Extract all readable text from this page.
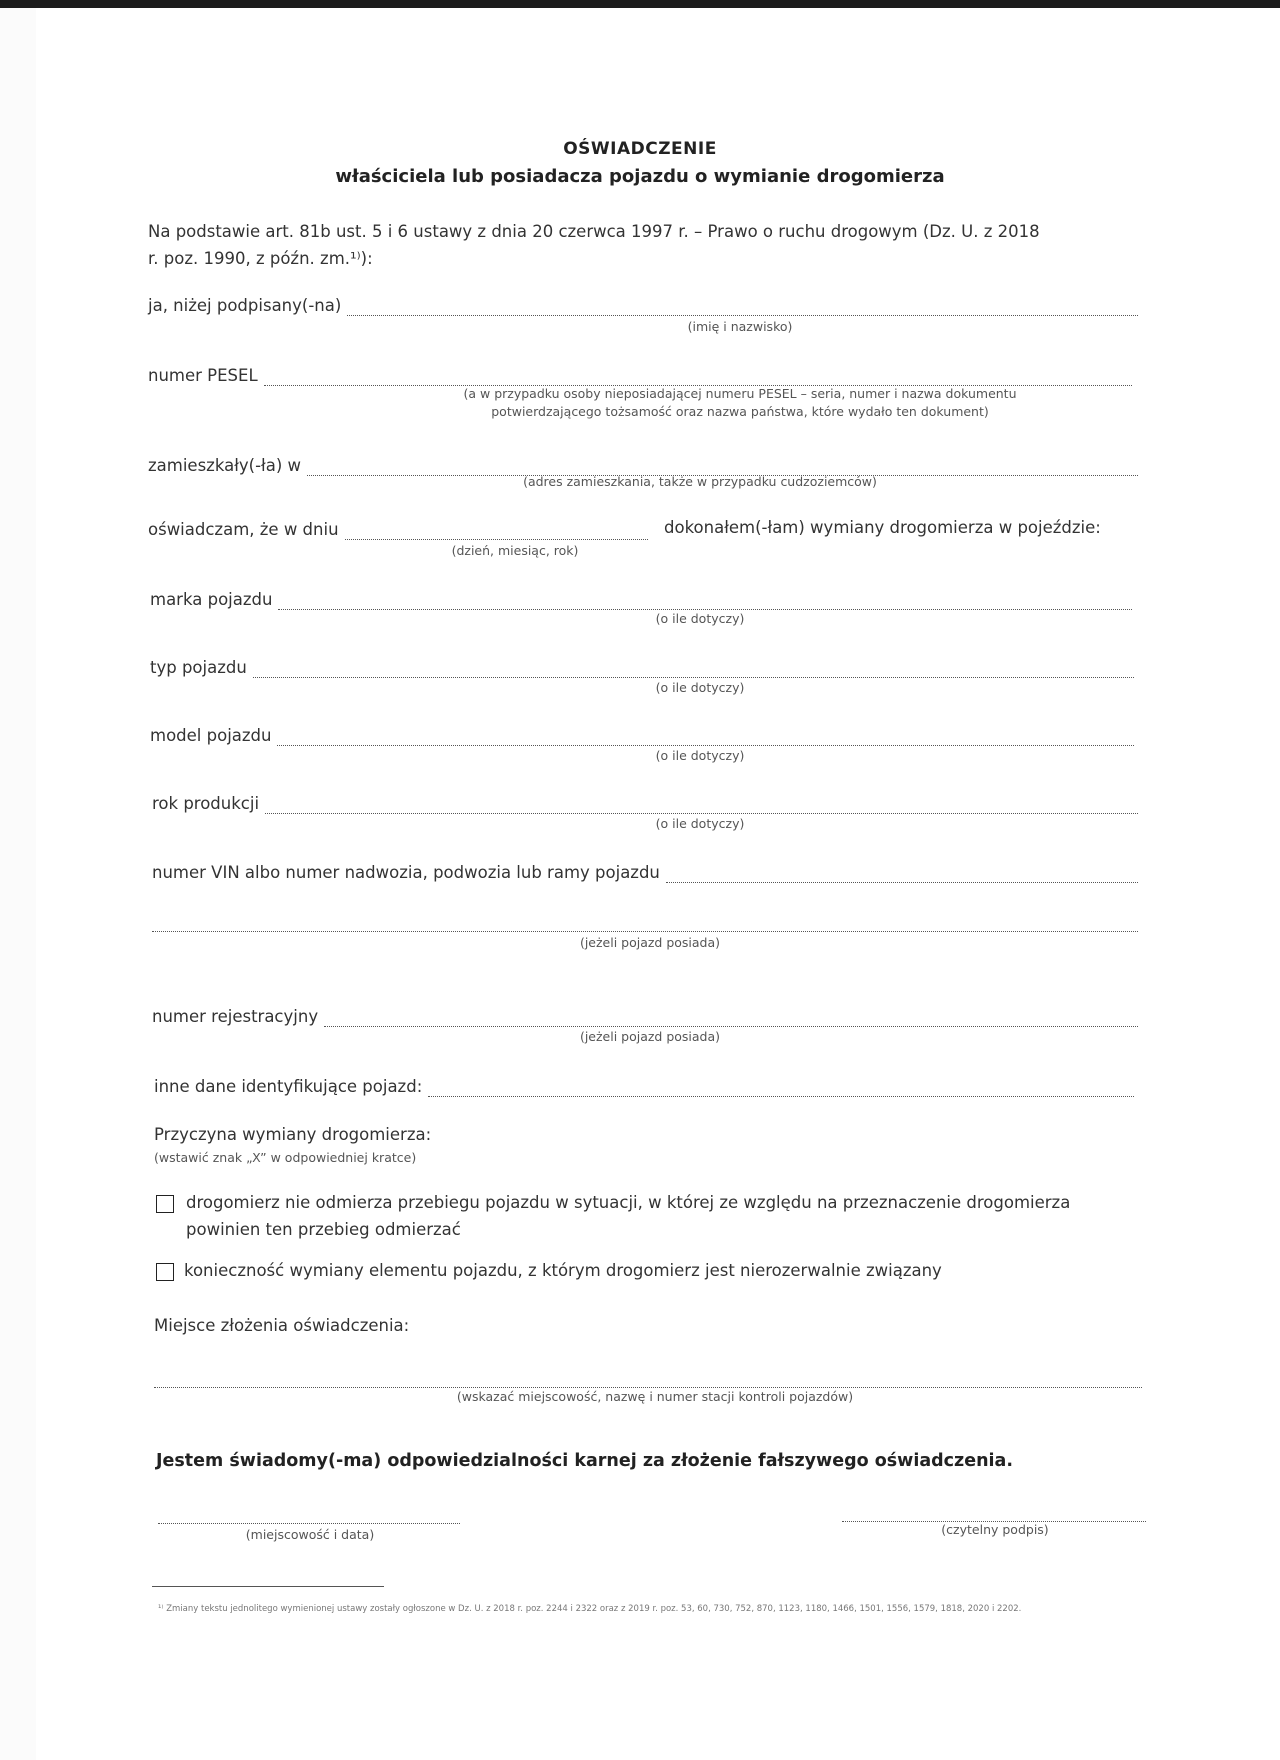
OŚWIADCZENIE
właściciela lub posiadacza pojazdu o wymianie drogomierza
Na podstawie art. 81b ust. 5 i 6 ustawy z dnia 20 czerwca 1997 r. – Prawo o ruchu drogowym (Dz. U. z 2018
r. poz. 1990, z późn. zm.¹⁾):
ja, niżej podpisany(-na)
(imię i nazwisko)
numer PESEL
(a w przypadku osoby nieposiadającej numeru PESEL – seria, numer i nazwa dokumentu
potwierdzającego tożsamość oraz nazwa państwa, które wydało ten dokument)
zamieszkały(-ła) w
(adres zamieszkania, także w przypadku cudzoziemców)
oświadczam, że w dniu	dokonałem(-łam) wymiany drogomierza w pojeździe:
(dzień, miesiąc, rok)
marka pojazdu
(o ile dotyczy)
typ pojazdu
(o ile dotyczy)
model pojazdu
(o ile dotyczy)
rok produkcji
(o ile dotyczy)
numer VIN albo numer nadwozia, podwozia lub ramy pojazdu
(jeżeli pojazd posiada)
numer rejestracyjny
(jeżeli pojazd posiada)
inne dane identyfikujące pojazd:
Przyczyna wymiany drogomierza:
(wstawić znak „X” w odpowiedniej kratce)
drogomierz nie odmierza przebiegu pojazdu w sytuacji, w której ze względu na przeznaczenie drogomierza
powinien ten przebieg odmierzać
konieczność wymiany elementu pojazdu, z którym drogomierz jest nierozerwalnie związany
Miejsce złożenia oświadczenia:
(wskazać miejscowość, nazwę i numer stacji kontroli pojazdów)
Jestem świadomy(-ma) odpowiedzialności karnej za złożenie fałszywego oświadczenia.
(miejscowość i data)	(czytelny podpis)
¹⁾ Zmiany tekstu jednolitego wymienionej ustawy zostały ogłoszone w Dz. U. z 2018 r. poz. 2244 i 2322 oraz z 2019 r. poz. 53, 60, 730, 752, 870, 1123, 1180, 1466, 1501, 1556, 1579, 1818, 2020 i 2202.
